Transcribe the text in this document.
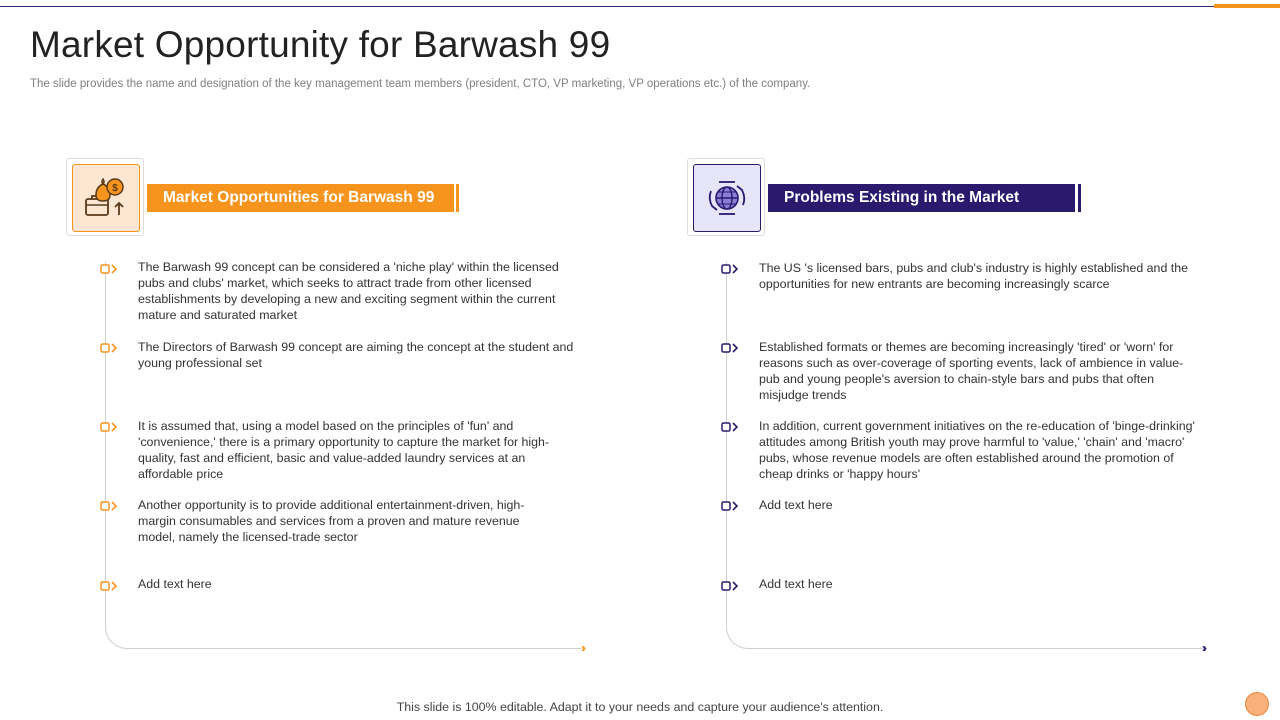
Market Opportunity for Barwash 99

The slide provides the name and designation of the key management team members (president, CTO, VP marketing, VP operations etc.) of the company.

$
Market Opportunities for Barwash 99
››

The Barwash 99 concept can be considered a 'niche play' within the licensed pubs and clubs' market, which seeks to attract trade from other licensed establishments by developing a new and exciting segment within the current mature and saturated market

The Directors of Barwash 99 concept are aiming the concept at the student and young professional set

It is assumed that, using a model based on the principles of 'fun' and 'convenience,' there is a primary opportunity to capture the market for high-quality, fast and efficient, basic and value-added laundry services at an affordable price

Another opportunity is to provide additional entertainment-driven, high-margin consumables and services from a proven and mature revenue model, namely the licensed-trade sector

Add text here

Problems Existing in the Market
››

The US 's licensed bars, pubs and club's industry is highly established and the opportunities for new entrants are becoming increasingly scarce

Established formats or themes are becoming increasingly 'tired' or 'worn' for reasons such as over-coverage of sporting events, lack of ambience in value-pub and young people's aversion to chain-style bars and pubs that often misjudge trends

In addition, current government initiatives on the re-education of 'binge-drinking' attitudes among British youth may prove harmful to 'value,' 'chain' and 'macro' pubs, whose revenue models are often established around the promotion of cheap drinks or 'happy hours'

Add text here

Add text here

This slide is 100% editable. Adapt it to your needs and capture your audience's attention.
